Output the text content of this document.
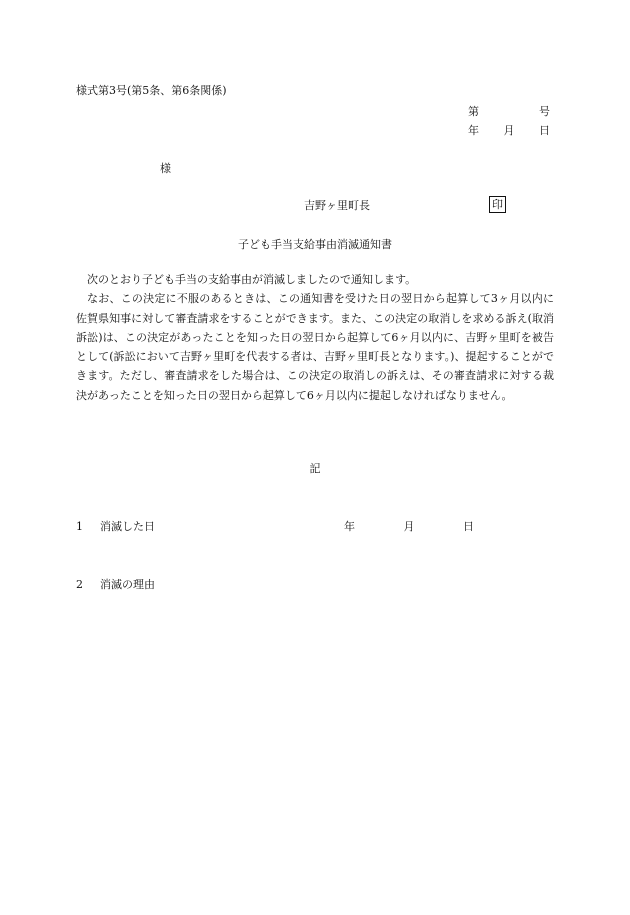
様式第3号(第5条、第6条関係)
第	号
年 月 日
様
吉野ヶ里町長	印
子ども手当支給事由消滅通知書

次のとおり子ども手当の支給事由が消滅しましたので通知します。

なお、この決定に不服のあるときは、この通知書を受けた日の翌日から起算して3ヶ月以内に佐賀県知事に対して審査請求をすることができます。また、この決定の取消しを求める訴え(取消訴訟)は、この決定があったことを知った日の翌日から起算して6ヶ月以内に、吉野ヶ里町を被告として(訴訟において吉野ヶ里町を代表する者は、吉野ヶ里町長となります。)、提起することができます。ただし、審査請求をした場合は、この決定の取消しの訴えは、その審査請求に対する裁決があったことを知った日の翌日から起算して6ヶ月以内に提起しなければなりません。

記
1 消滅した日	年	月	日
2 消滅の理由
